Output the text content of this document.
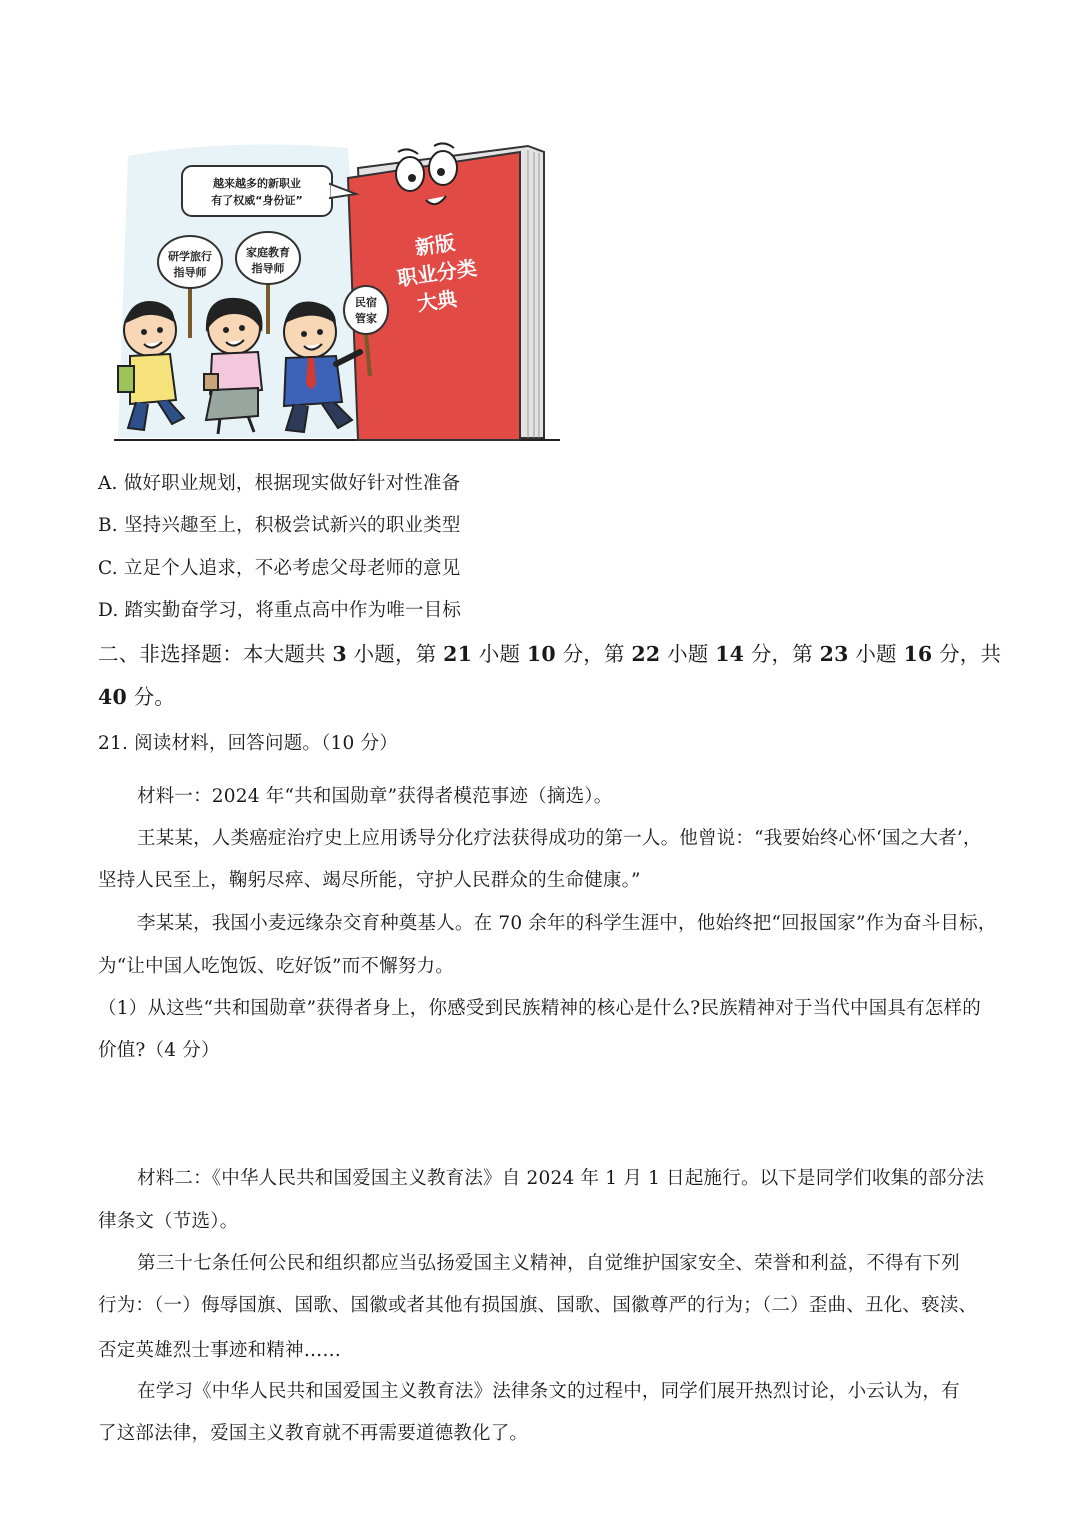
新版
职业分类
大典
越来越多的新职业
有了权威“身份证”
研学旅行
指导师
家庭教育
指导师
民宿
管家
A. 做好职业规划，根据现实做好针对性准备
B. 坚持兴趣至上，积极尝试新兴的职业类型
C. 立足个人追求，不必考虑父母老师的意见
D. 踏实勤奋学习，将重点高中作为唯一目标
二、非选择题：本大题共 3 小题，第 21 小题 10 分，第 22 小题 14 分，第 23 小题 16 分，共
40 分。
21. 阅读材料，回答问题。（10 分）
材料一：2024 年“共和国勋章”获得者模范事迹（摘选）。
王某某，人类癌症治疗史上应用诱导分化疗法获得成功的第一人。他曾说：“我要始终心怀‘国之大者’，
坚持人民至上，鞠躬尽瘁、竭尽所能，守护人民群众的生命健康。”
李某某，我国小麦远缘杂交育种奠基人。在 70 余年的科学生涯中，他始终把“回报国家”作为奋斗目标，
为“让中国人吃饱饭、吃好饭”而不懈努力。
（1）从这些“共和国勋章”获得者身上，你感受到民族精神的核心是什么?民族精神对于当代中国具有怎样的
价值?（4 分）
材料二：《中华人民共和国爱国主义教育法》自 2024 年 1 月 1 日起施行。以下是同学们收集的部分法
律条文（节选）。
第三十七条任何公民和组织都应当弘扬爱国主义精神，自觉维护国家安全、荣誉和利益，不得有下列
行为：（一）侮辱国旗、国歌、国徽或者其他有损国旗、国歌、国徽尊严的行为；（二）歪曲、丑化、亵渎、
否定英雄烈士事迹和精神……
在学习《中华人民共和国爱国主义教育法》法律条文的过程中，同学们展开热烈讨论，小云认为，有
了这部法律，爱国主义教育就不再需要道德教化了。
